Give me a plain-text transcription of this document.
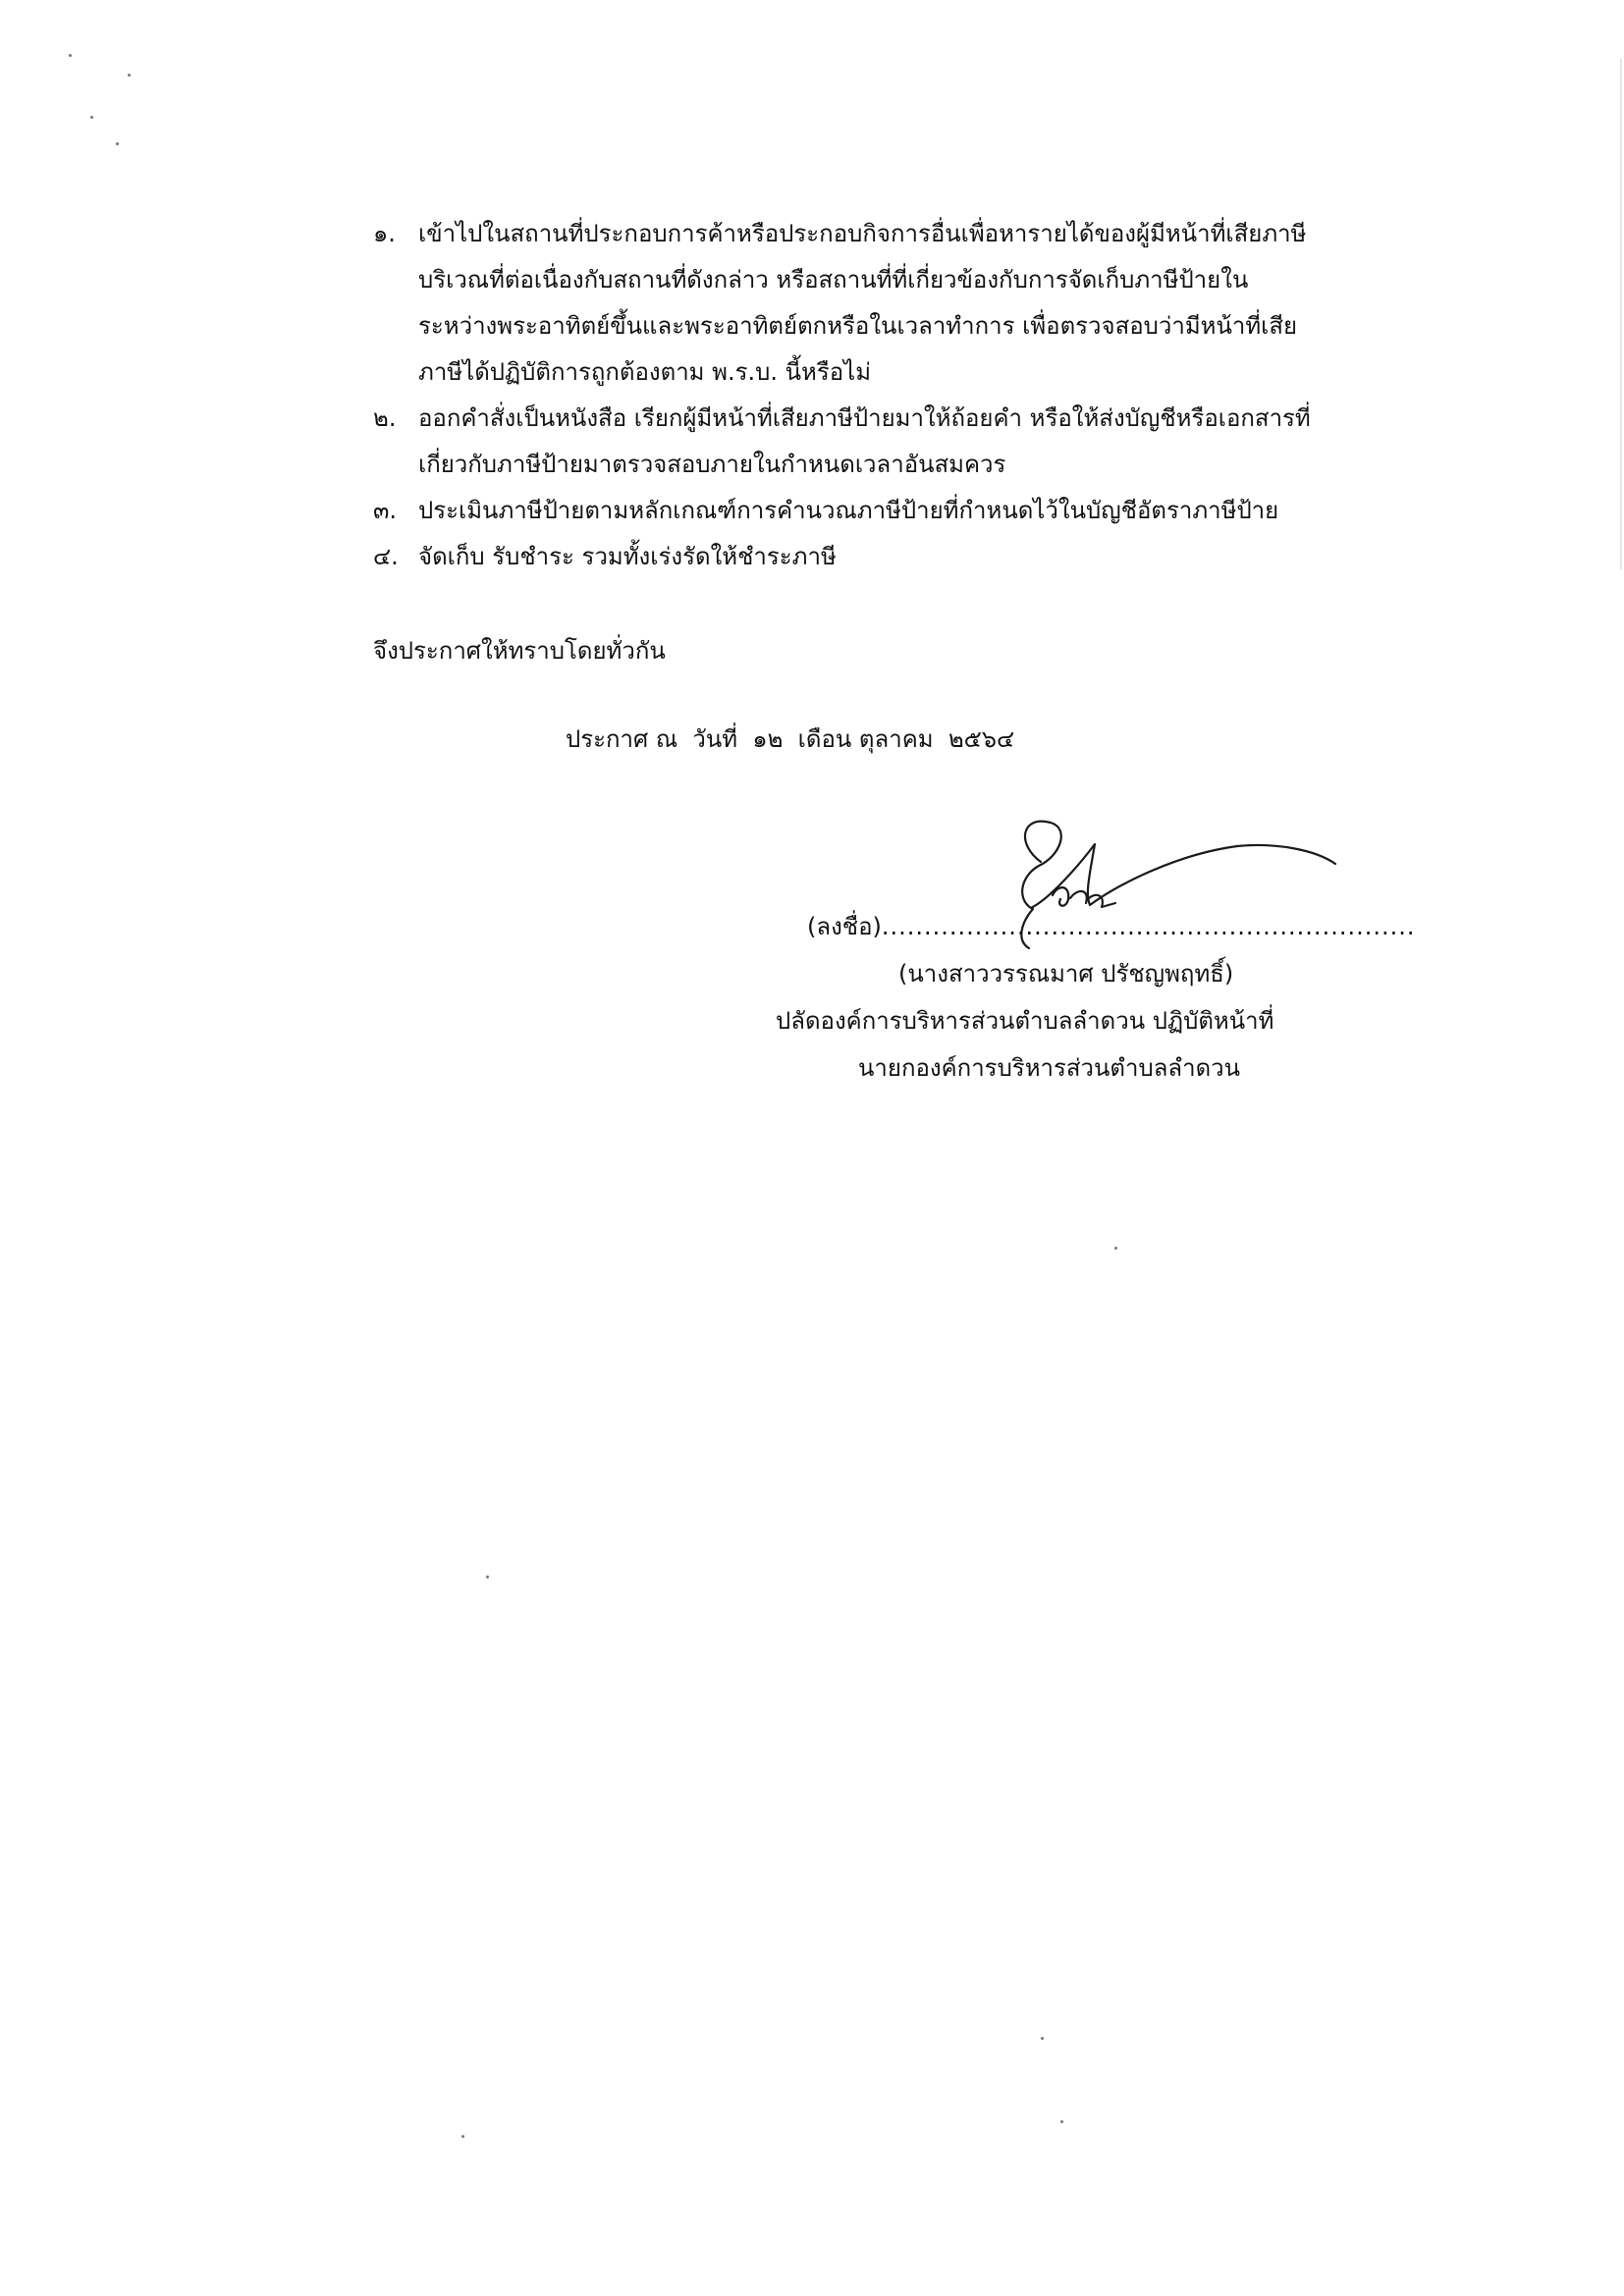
๑. เข้าไปในสถานที่ประกอบการค้าหรือประกอบกิจการอื่นเพื่อหารายได้ของผู้มีหน้าที่เสียภาษี
บริเวณที่ต่อเนื่องกับสถานที่ดังกล่าว หรือสถานที่ที่เกี่ยวข้องกับการจัดเก็บภาษีป้ายใน
ระหว่างพระอาทิตย์ขึ้นและพระอาทิตย์ตกหรือในเวลาทำการ เพื่อตรวจสอบว่ามีหน้าที่เสีย
ภาษีได้ปฏิบัติการถูกต้องตาม พ.ร.บ. นี้หรือไม่
๒. ออกคำสั่งเป็นหนังสือ เรียกผู้มีหน้าที่เสียภาษีป้ายมาให้ถ้อยคำ หรือให้ส่งบัญชีหรือเอกสารที่
เกี่ยวกับภาษีป้ายมาตรวจสอบภายในกำหนดเวลาอันสมควร
๓. ประเมินภาษีป้ายตามหลักเกณฑ์การคำนวณภาษีป้ายที่กำหนดไว้ในบัญชีอัตราภาษีป้าย
๔. จัดเก็บ รับชำระ รวมทั้งเร่งรัดให้ชำระภาษี
จึงประกาศให้ทราบโดยทั่วกัน
ประกาศ ณ  วันที่  ๑๒  เดือน ตุลาคม  ๒๕๖๔
(ลงชื่อ)...............................................................
(นางสาววรรณมาศ ปรัชญพฤทธิ์)
ปลัดองค์การบริหารส่วนตำบลลำดวน ปฏิบัติหน้าที่
นายกองค์การบริหารส่วนตำบลลำดวน
